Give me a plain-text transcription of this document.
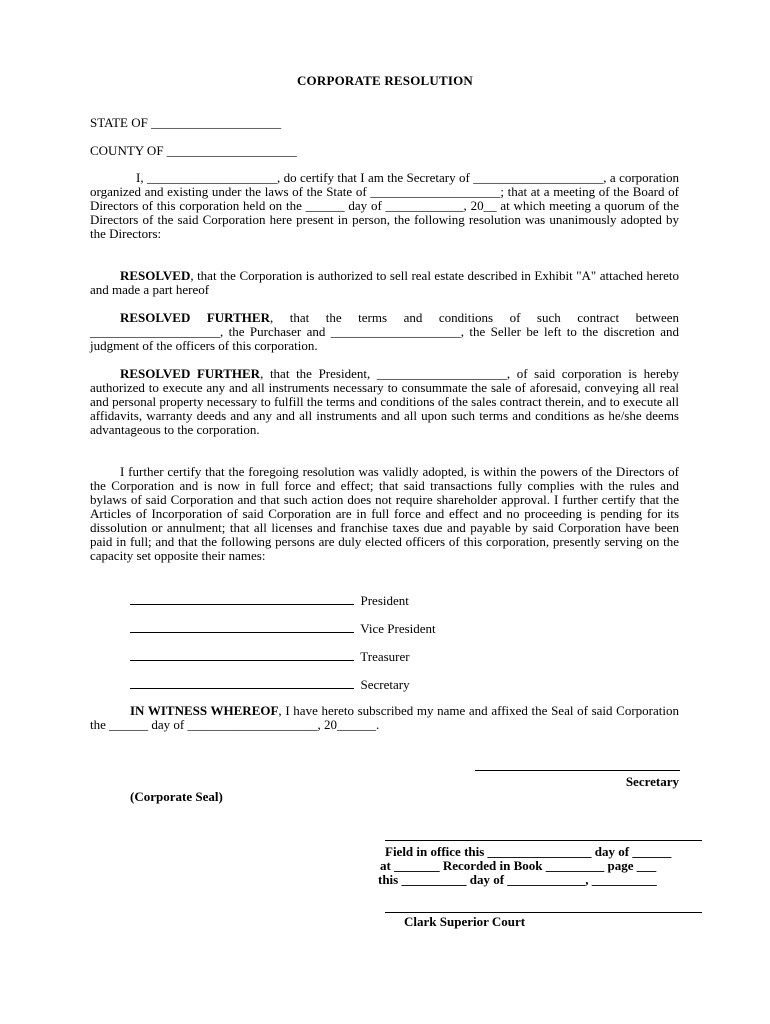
CORPORATE RESOLUTION
STATE OF ____________________
COUNTY OF ____________________
I, ____________________, do certify that I am the Secretary of ____________________, a corporation organized and existing under the laws of the State of ____________________; that at a meeting of the Board of Directors of this corporation held on the ______ day of ____________, 20__ at which meeting a quorum of the Directors of the said Corporation here present in person, the following resolution was unanimously adopted by the Directors:
RESOLVED, that the Corporation is authorized to sell real estate described in Exhibit "A" attached hereto and made a part hereof
RESOLVED FURTHER, that the terms and conditions of such contract between ____________________, the Purchaser and ____________________, the Seller be left to the discretion and judgment of the officers of this corporation.
RESOLVED FURTHER, that the President, ____________________, of said corporation is hereby authorized to execute any and all instruments necessary to consummate the sale of aforesaid, conveying all real and personal property necessary to fulfill the terms and conditions of the sales contract therein, and to execute all affidavits, warranty deeds and any and all instruments and all upon such terms and conditions as he/she deems advantageous to the corporation.
I further certify that the foregoing resolution was validly adopted, is within the powers of the Directors of the Corporation and is now in full force and effect; that said transactions fully complies with the rules and bylaws of said Corporation and that such action does not require shareholder approval. I further certify that the Articles of Incorporation of said Corporation are in full force and effect and no proceeding is pending for its dissolution or annulment; that all licenses and franchise taxes due and payable by said Corporation have been paid in full; and that the following persons are duly elected officers of this corporation, presently serving on the capacity set opposite their names:
President
Vice President
Treasurer
Secretary
IN WITNESS WHEREOF, I have hereto subscribed my name and affixed the Seal of said Corporation the ______ day of ____________________, 20______.
Secretary
(Corporate Seal)
Field in office this ________________ day of ______
at _______ Recorded in Book _________ page ___
this __________ day of ____________, __________
Clark Superior Court
